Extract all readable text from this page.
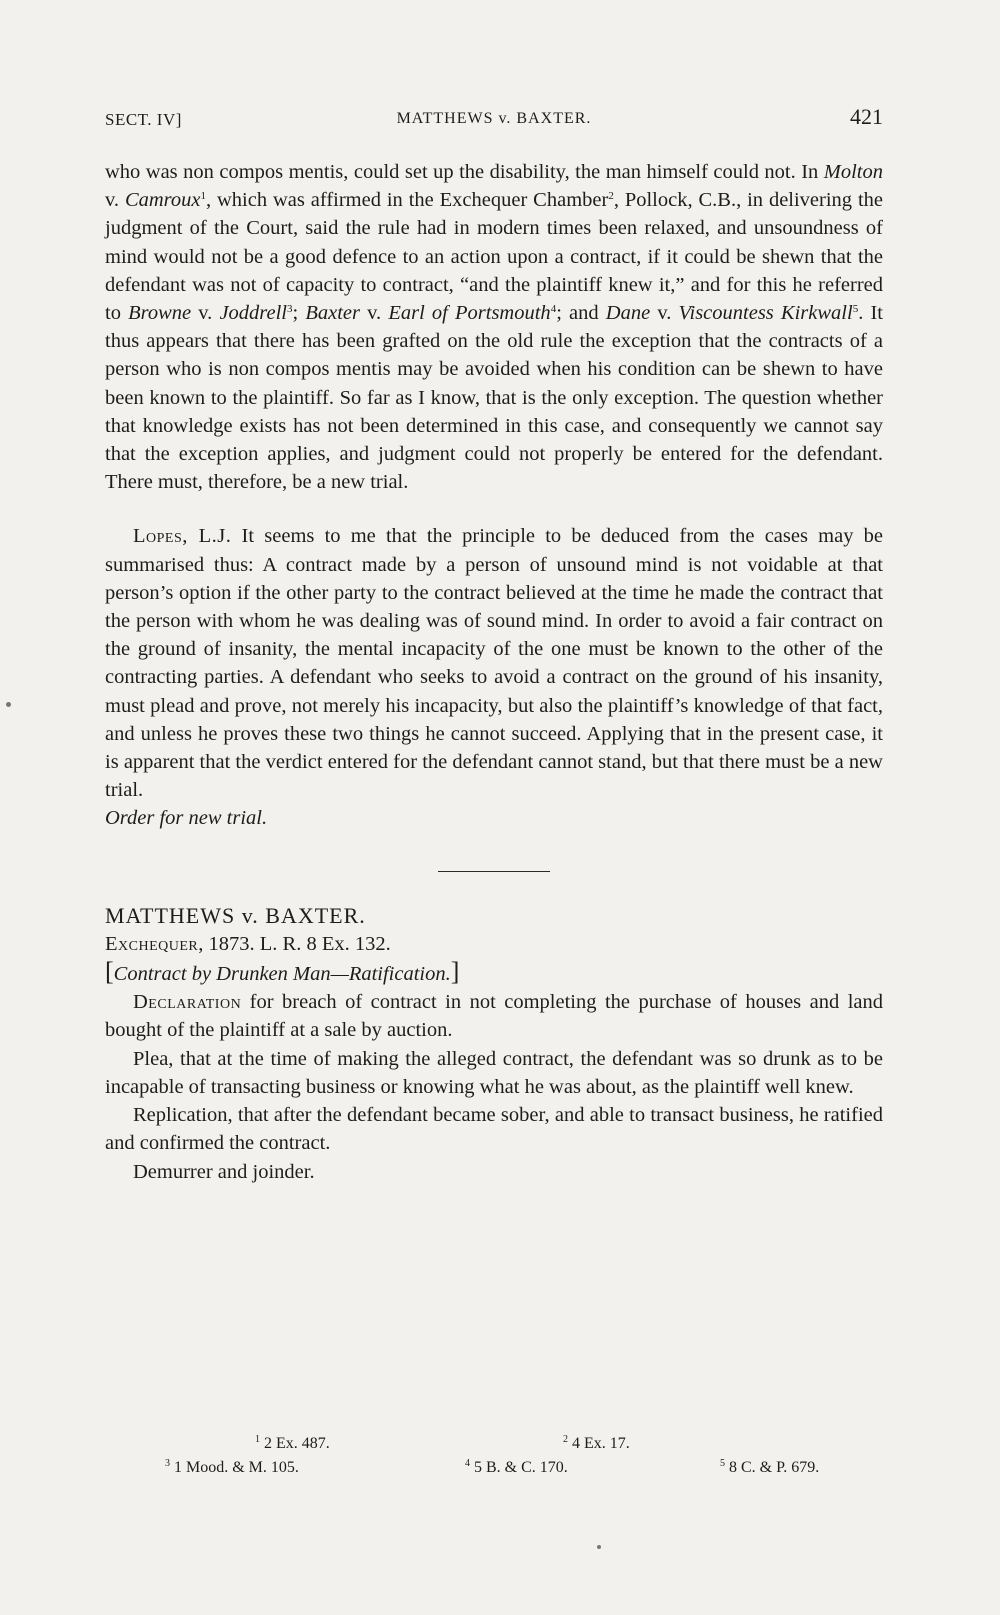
SECT. IV]	MATTHEWS v. BAXTER.	421

who was non compos mentis, could set up the disability, the man himself could not. In Molton v. Camroux$^1$, which was affirmed in the Exchequer Chamber$^2$, Pollock, C.B., in delivering the judgment of the Court, said the rule had in modern times been relaxed, and unsoundness of mind would not be a good defence to an action upon a contract, if it could be shewn that the defendant was not of capacity to contract, “and the plaintiff knew it,” and for this he referred to Browne v. Joddrell$^3$; Baxter v. Earl of Portsmouth$^4$; and Dane v. Viscountess Kirkwall$^5$. It thus appears that there has been grafted on the old rule the exception that the contracts of a person who is non compos mentis may be avoided when his condition can be shewn to have been known to the plaintiff. So far as I know, that is the only exception. The question whether that knowledge exists has not been determined in this case, and consequently we cannot say that the exception applies, and judgment could not properly be entered for the defendant. There must, therefore, be a new trial.

Lopes, L.J. It seems to me that the principle to be deduced from the cases may be summarised thus: A contract made by a person of unsound mind is not voidable at that person’s option if the other party to the contract believed at the time he made the contract that the person with whom he was dealing was of sound mind. In order to avoid a fair contract on the ground of insanity, the mental incapacity of the one must be known to the other of the contracting parties. A defendant who seeks to avoid a contract on the ground of his insanity, must plead and prove, not merely his incapacity, but also the plaintiff’s knowledge of that fact, and unless he proves these two things he cannot succeed. Applying that in the present case, it is apparent that the verdict entered for the defendant cannot stand, but that there must be a new trial.

Order for new trial.

MATTHEWS v. BAXTER.

Exchequer, 1873. L. R. 8 Ex. 132.

[Contract by Drunken Man—Ratification.]

Declaration for breach of contract in not completing the purchase of houses and land bought of the plaintiff at a sale by auction.

Plea, that at the time of making the alleged contract, the defendant was so drunk as to be incapable of transacting business or knowing what he was about, as the plaintiff well knew.

Replication, that after the defendant became sober, and able to transact business, he ratified and confirmed the contract.

Demurrer and joinder.

$^1$ 2 Ex. 487.	$^2$ 4 Ex. 17.
$^3$ 1 Mood. & M. 105.	$^4$ 5 B. & C. 170.	$^5$ 8 C. & P. 679.
